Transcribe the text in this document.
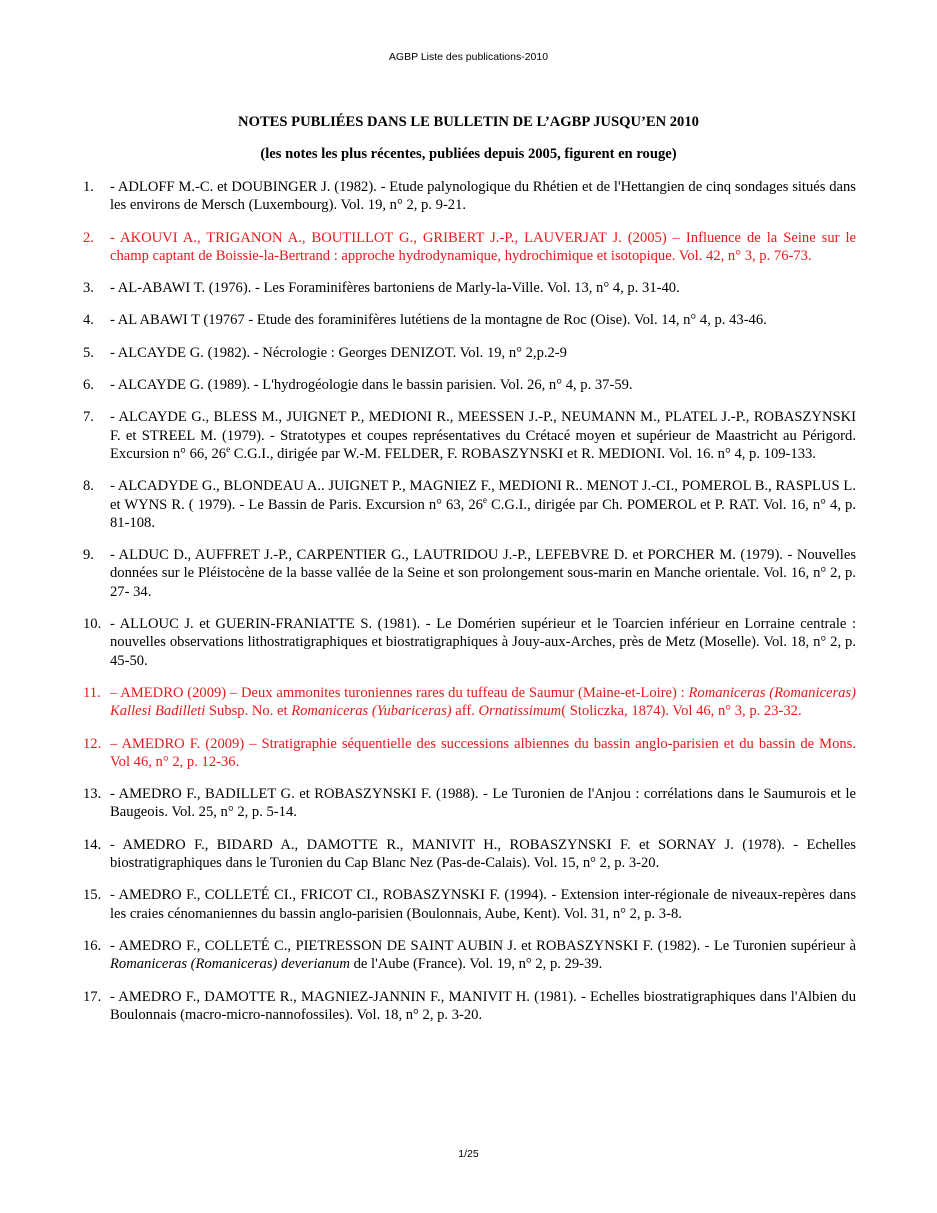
AGBP Liste des publications-2010
NOTES PUBLIÉES DANS LE BULLETIN DE L’AGBP JUSQU’EN 2010
(les notes les plus récentes, publiées depuis 2005, figurent en rouge)
1. - ADLOFF M.-C. et DOUBINGER J. (1982). - Etude palynologique du Rhétien et de l'Hettangien de cinq sondages situés dans les environs de Mersch (Luxembourg). Vol. 19, n° 2, p. 9-21.
2. - AKOUVI A., TRIGANON A., BOUTILLOT G., GRIBERT J.-P., LAUVERJAT J. (2005) – Influence de la Seine sur le champ captant de Boissie-la-Bertrand : approche hydrodynamique, hydrochimique et isotopique. Vol. 42, n° 3, p. 76-73.
3. - AL-ABAWI T. (1976). - Les Foraminifères bartoniens de Marly-la-Ville. Vol. 13, n° 4, p. 31-40.
4. - AL ABAWI T (19767 - Etude des foraminifères lutétiens de la montagne de Roc (Oise). Vol. 14, n° 4, p. 43-46.
5. - ALCAYDE G. (1982). - Nécrologie : Georges DENIZOT. Vol. 19, n° 2,p.2-9
6. - ALCAYDE G. (1989). - L'hydrogéologie dans le bassin parisien. Vol. 26, n° 4, p. 37-59.
7. - ALCAYDE G., BLESS M., JUIGNET P., MEDIONI R., MEESSEN J.-P., NEUMANN M., PLATEL J.-P., ROBASZYNSKI F. et STREEL M. (1979). - Stratotypes et coupes représentatives du Crétacé moyen et supérieur de Maastricht au Périgord. Excursion n° 66, 26e C.G.I., dirigée par W.-M. FELDER, F. ROBASZYNSKI et R. MEDIONI. Vol. 16. n° 4, p. 109-133.
8. - ALCADYDE G., BLONDEAU A.. JUIGNET P., MAGNIEZ F., MEDIONI R.. MENOT J.-CI., POMEROL B., RASPLUS L. et WYNS R. ( 1979). - Le Bassin de Paris. Excursion n° 63, 26e C.G.I., dirigée par Ch. POMEROL et P. RAT. Vol. 16, n° 4, p. 81-108.
9. - ALDUC D., AUFFRET J.-P., CARPENTIER G., LAUTRIDOU J.-P., LEFEBVRE D. et PORCHER M. (1979). - Nouvelles données sur le Pléistocène de la basse vallée de la Seine et son prolongement sous-marin en Manche orientale. Vol. 16, n° 2, p. 27- 34.
10. - ALLOUC J. et GUERIN-FRANIATTE S. (1981). - Le Domérien supérieur et le Toarcien inférieur en Lorraine centrale : nouvelles observations lithostratigraphiques et biostratigraphiques à Jouy-aux-Arches, près de Metz (Moselle). Vol. 18, n° 2, p. 45-50.
11. – AMEDRO (2009) – Deux ammonites turoniennes rares du tuffeau de Saumur (Maine-et-Loire) : Romaniceras (Romaniceras) Kallesi Badilleti Subsp. No. et Romaniceras (Yubariceras) aff. Ornatissimum( Stoliczka, 1874). Vol 46, n° 3, p. 23-32.
12. – AMEDRO F. (2009) – Stratigraphie séquentielle des successions albiennes du bassin anglo-parisien et du bassin de Mons. Vol 46, n° 2, p. 12-36.
13. - AMEDRO F., BADILLET G. et ROBASZYNSKI F. (1988). - Le Turonien de l'Anjou : corrélations dans le Saumurois et le Baugeois. Vol. 25, n° 2, p. 5-14.
14. - AMEDRO F., BIDARD A., DAMOTTE R., MANIVIT H., ROBASZYNSKI F. et SORNAY J. (1978). - Echelles biostratigraphiques dans le Turonien du Cap Blanc Nez (Pas-de-Calais). Vol. 15, n° 2, p. 3-20.
15. - AMEDRO F., COLLETÉ CI., FRICOT CI., ROBASZYNSKI F. (1994). - Extension inter-régionale de niveaux-repères dans les craies cénomaniennes du bassin anglo-parisien (Boulonnais, Aube, Kent). Vol. 31, n° 2, p. 3-8.
16. - AMEDRO F., COLLETÉ C., PIETRESSON DE SAINT AUBIN J. et ROBASZYNSKI F. (1982). - Le Turonien supérieur à Romaniceras (Romaniceras) deverianum de l'Aube (France). Vol. 19, n° 2, p. 29-39.
17. - AMEDRO F., DAMOTTE R., MAGNIEZ-JANNIN F., MANIVIT H. (1981). - Echelles biostratigraphiques dans l'Albien du Boulonnais (macro-micro-nannofossiles). Vol. 18, n° 2, p. 3-20.
1/25
